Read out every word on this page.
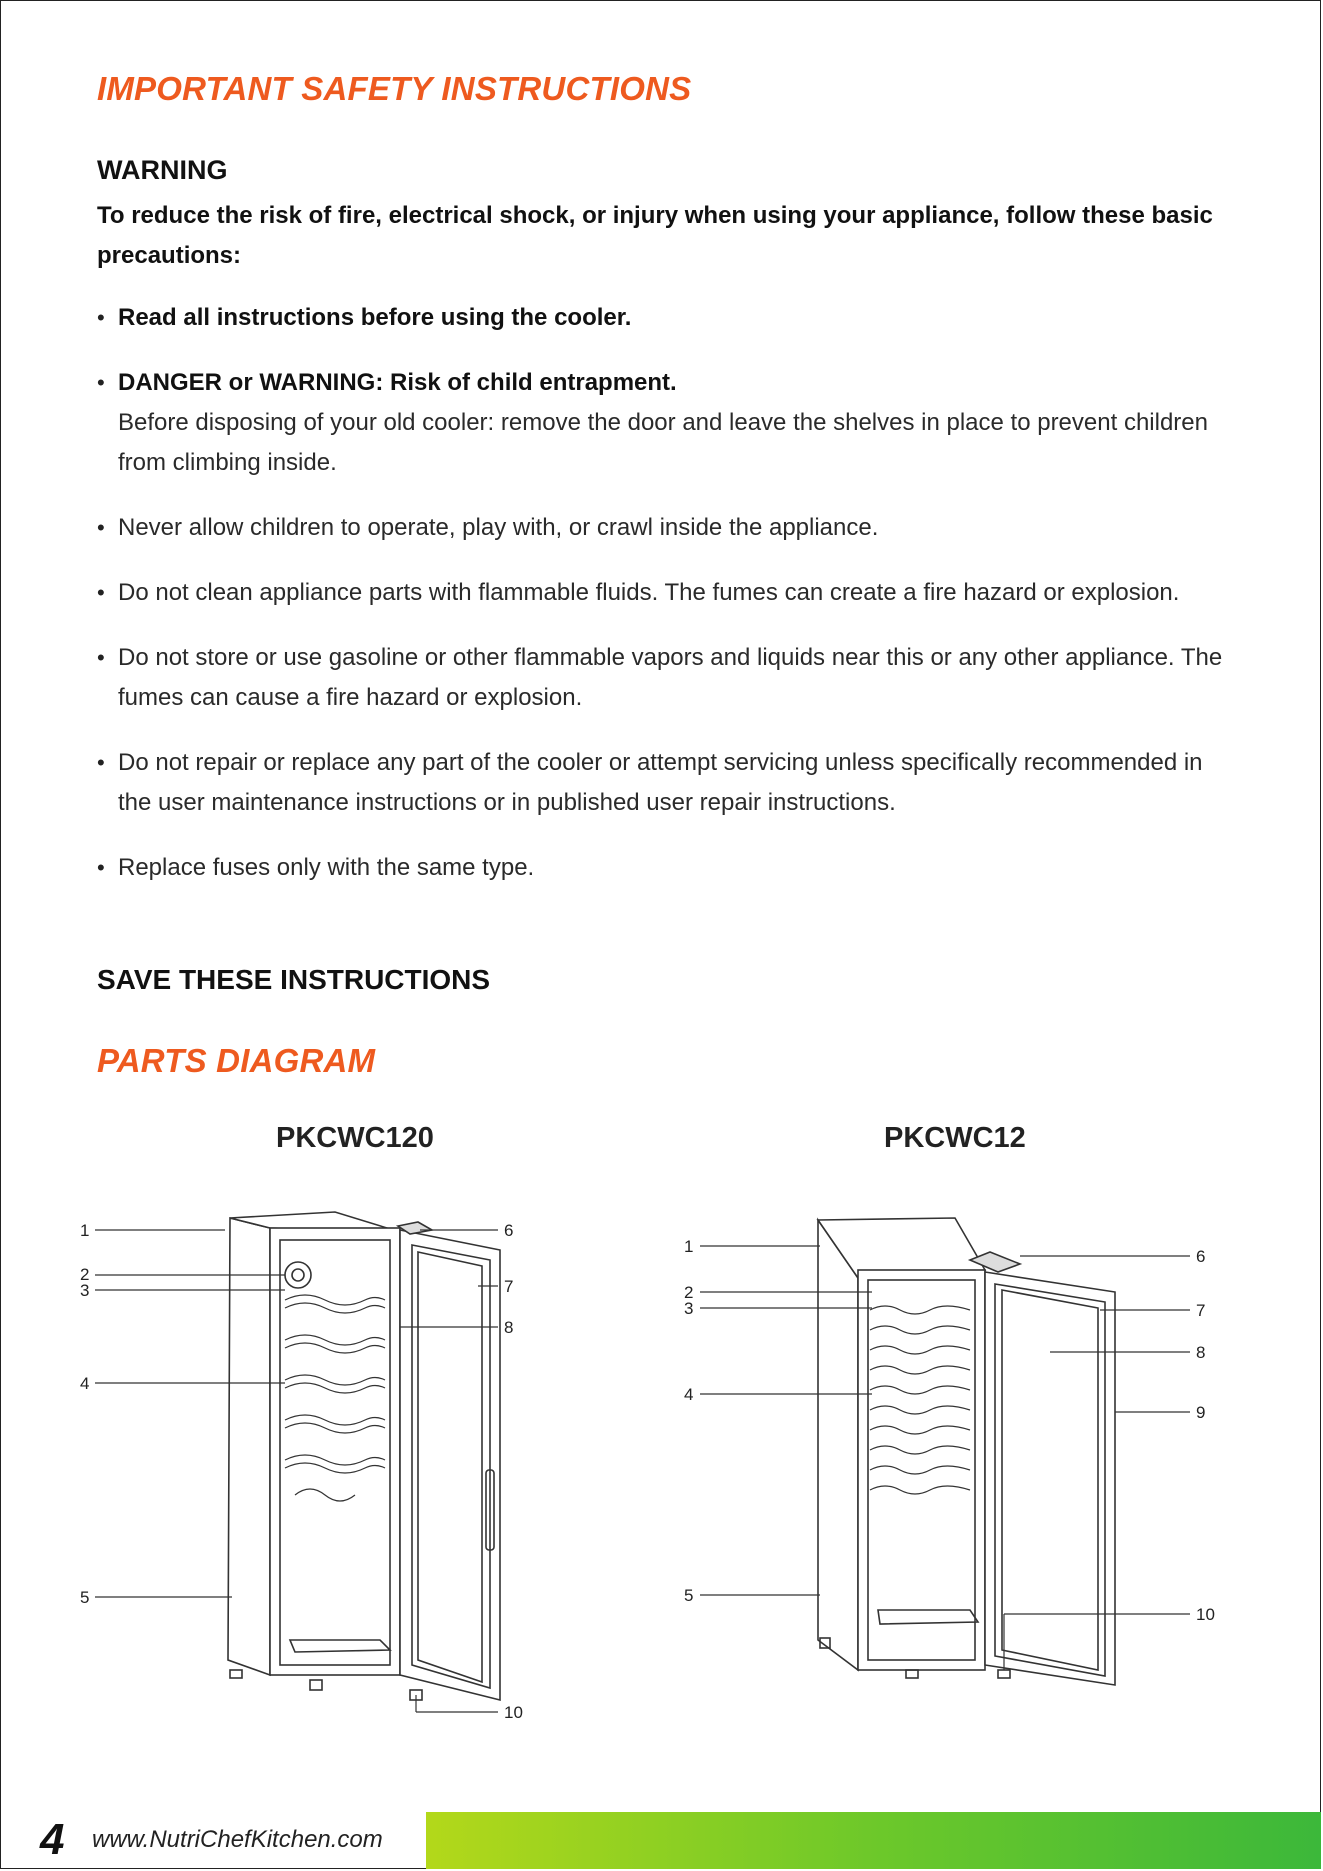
IMPORTANT SAFETY INSTRUCTIONS
WARNING

To reduce the risk of fire, electrical shock, or injury when using your appliance, follow these basic precautions:

• Read all instructions before using the cooler.
• DANGER or WARNING: Risk of child entrapment.
Before disposing of your old cooler: remove the door and leave the shelves in place to prevent children from climbing inside.
• Never allow children to operate, play with, or crawl inside the appliance.
• Do not clean appliance parts with flammable fluids. The fumes can create a fire hazard or explosion.
• Do not store or use gasoline or other flammable vapors and liquids near this or any other appliance. The fumes can cause a fire hazard or explosion.
• Do not repair or replace any part of the cooler or attempt servicing unless specifically recommended in the user maintenance instructions or in published user repair instructions.
• Replace fuses only with the same type.

SAVE THESE INSTRUCTIONS

PARTS DIAGRAM

PKCWC120	PKCWC12

1
2
3
4
5
6
7
8
10
1
2
3
4
5
6
7
8
9
10

4 www.NutriChefKitchen.com
